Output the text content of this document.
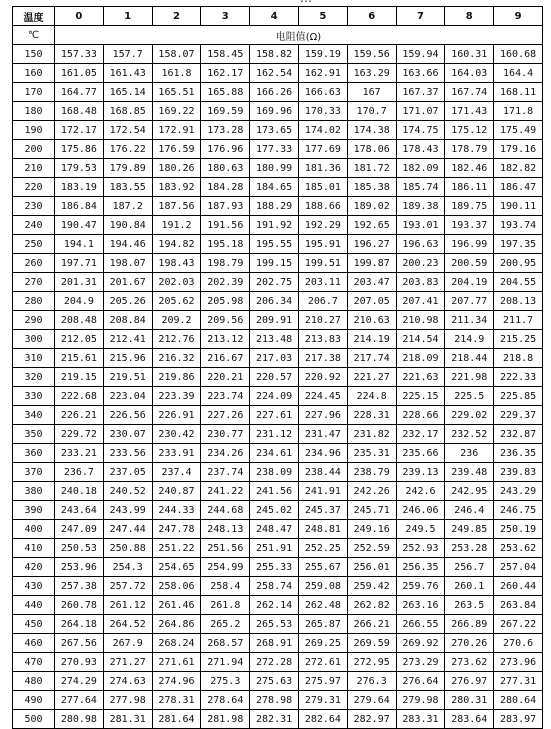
温度	0	1	2	3	4	5	6	7	8	9
℃	电阻值(Ω)									
150	157.33	157.7	158.07	158.45	158.82	159.19	159.56	159.94	160.31	160.68
160	161.05	161.43	161.8	162.17	162.54	162.91	163.29	163.66	164.03	164.4
170	164.77	165.14	165.51	165.88	166.26	166.63	167	167.37	167.74	168.11
180	168.48	168.85	169.22	169.59	169.96	170.33	170.7	171.07	171.43	171.8
190	172.17	172.54	172.91	173.28	173.65	174.02	174.38	174.75	175.12	175.49
200	175.86	176.22	176.59	176.96	177.33	177.69	178.06	178.43	178.79	179.16
210	179.53	179.89	180.26	180.63	180.99	181.36	181.72	182.09	182.46	182.82
220	183.19	183.55	183.92	184.28	184.65	185.01	185.38	185.74	186.11	186.47
230	186.84	187.2	187.56	187.93	188.29	188.66	189.02	189.38	189.75	190.11
240	190.47	190.84	191.2	191.56	191.92	192.29	192.65	193.01	193.37	193.74
250	194.1	194.46	194.82	195.18	195.55	195.91	196.27	196.63	196.99	197.35
260	197.71	198.07	198.43	198.79	199.15	199.51	199.87	200.23	200.59	200.95
270	201.31	201.67	202.03	202.39	202.75	203.11	203.47	203.83	204.19	204.55
280	204.9	205.26	205.62	205.98	206.34	206.7	207.05	207.41	207.77	208.13
290	208.48	208.84	209.2	209.56	209.91	210.27	210.63	210.98	211.34	211.7
300	212.05	212.41	212.76	213.12	213.48	213.83	214.19	214.54	214.9	215.25
310	215.61	215.96	216.32	216.67	217.03	217.38	217.74	218.09	218.44	218.8
320	219.15	219.51	219.86	220.21	220.57	220.92	221.27	221.63	221.98	222.33
330	222.68	223.04	223.39	223.74	224.09	224.45	224.8	225.15	225.5	225.85
340	226.21	226.56	226.91	227.26	227.61	227.96	228.31	228.66	229.02	229.37
350	229.72	230.07	230.42	230.77	231.12	231.47	231.82	232.17	232.52	232.87
360	233.21	233.56	233.91	234.26	234.61	234.96	235.31	235.66	236	236.35
370	236.7	237.05	237.4	237.74	238.09	238.44	238.79	239.13	239.48	239.83
380	240.18	240.52	240.87	241.22	241.56	241.91	242.26	242.6	242.95	243.29
390	243.64	243.99	244.33	244.68	245.02	245.37	245.71	246.06	246.4	246.75
400	247.09	247.44	247.78	248.13	248.47	248.81	249.16	249.5	249.85	250.19
410	250.53	250.88	251.22	251.56	251.91	252.25	252.59	252.93	253.28	253.62
420	253.96	254.3	254.65	254.99	255.33	255.67	256.01	256.35	256.7	257.04
430	257.38	257.72	258.06	258.4	258.74	259.08	259.42	259.76	260.1	260.44
440	260.78	261.12	261.46	261.8	262.14	262.48	262.82	263.16	263.5	263.84
450	264.18	264.52	264.86	265.2	265.53	265.87	266.21	266.55	266.89	267.22
460	267.56	267.9	268.24	268.57	268.91	269.25	269.59	269.92	270.26	270.6
470	270.93	271.27	271.61	271.94	272.28	272.61	272.95	273.29	273.62	273.96
480	274.29	274.63	274.96	275.3	275.63	275.97	276.3	276.64	276.97	277.31
490	277.64	277.98	278.31	278.64	278.98	279.31	279.64	279.98	280.31	280.64
500	280.98	281.31	281.64	281.98	282.31	282.64	282.97	283.31	283.64	283.97
